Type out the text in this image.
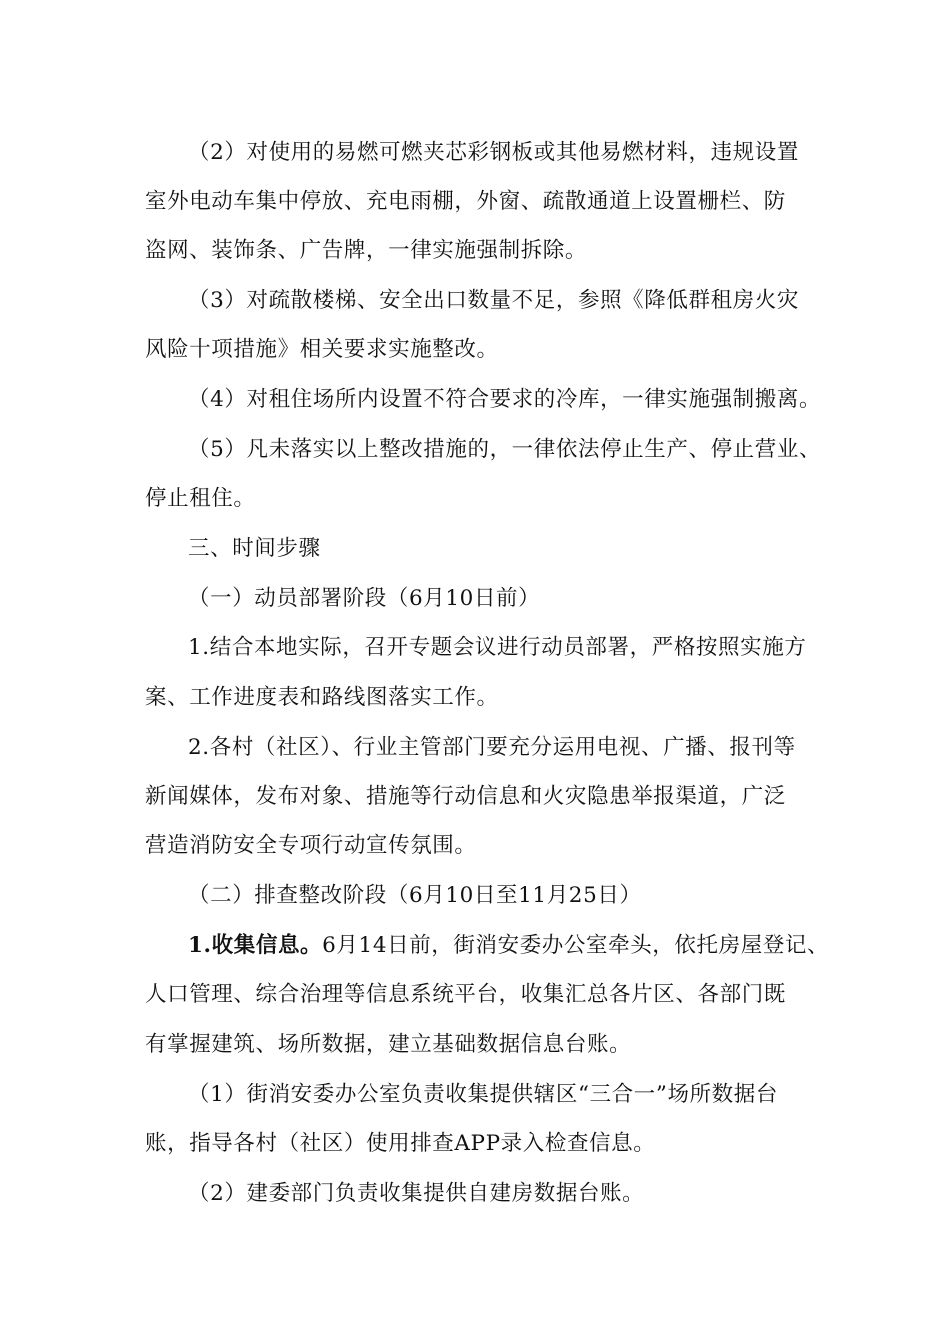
（2）对使用的易燃可燃夹芯彩钢板或其他易燃材料，违规设置
室外电动车集中停放、充电雨棚，外窗、疏散通道上设置栅栏、防
盗网、装饰条、广告牌，一律实施强制拆除。
（3）对疏散楼梯、安全出口数量不足，参照《降低群租房火灾
风险十项措施》相关要求实施整改。
（4）对租住场所内设置不符合要求的冷库，一律实施强制搬离。
（5）凡未落实以上整改措施的，一律依法停止生产、停止营业、
停止租住。
三、时间步骤
（一）动员部署阶段（6月10日前）
1.结合本地实际，召开专题会议进行动员部署，严格按照实施方
案、工作进度表和路线图落实工作。
2.各村（社区）、行业主管部门要充分运用电视、广播、报刊等
新闻媒体，发布对象、措施等行动信息和火灾隐患举报渠道，广泛
营造消防安全专项行动宣传氛围。
（二）排查整改阶段（6月10日至11月25日）
1.收集信息。6月14日前，街消安委办公室牵头，依托房屋登记、
人口管理、综合治理等信息系统平台，收集汇总各片区、各部门既
有掌握建筑、场所数据，建立基础数据信息台账。
（1）街消安委办公室负责收集提供辖区“三合一”场所数据台
账，指导各村（社区）使用排查APP录入检查信息。
（2）建委部门负责收集提供自建房数据台账。
